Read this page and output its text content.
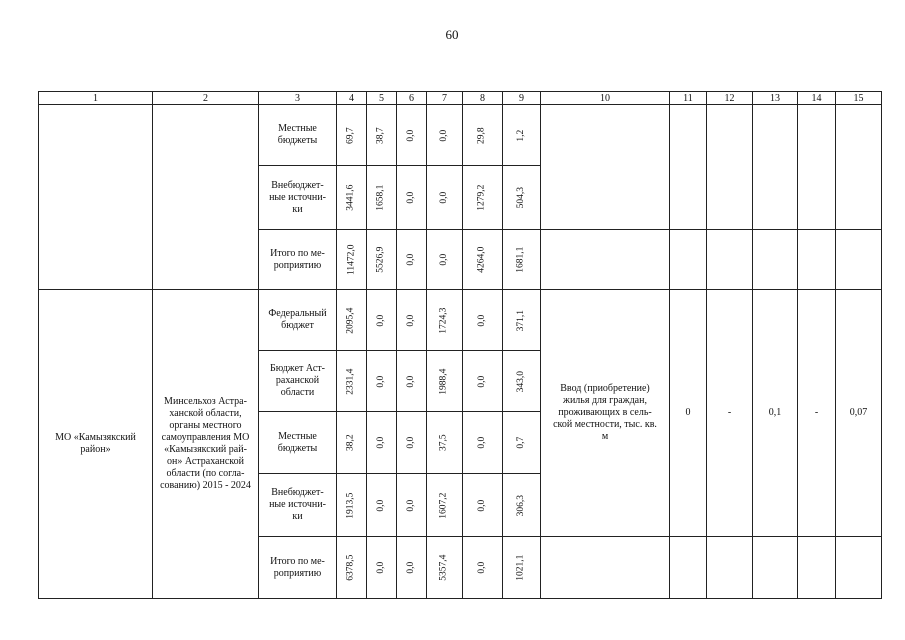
60
1	2	3	4	5	6	7	8	9	10	11	12	13	14	15
		Местные бюджеты	69,7	38,7	0,0	0,0	29,8	1,2						
		Внебюджет-ные источни-ки	3441,6	1658,1	0,0	0,0	1279,2	504,3						
		Итого по ме-роприятию	11472,0	5526,9	0,0	0,0	4264,0	1681,1						
МО «Камызякский район»	Минсельхоз Астра-ханской области, органы местного самоуправления МО «Камызякский рай-он» Астраханской области (по согла-сованию) 2015 - 2024	Федеральный бюджет	2095,4	0,0	0,0	1724,3	0,0	371,1	Ввод (приобретение) жилья для граждан, проживающих в сель-ской местности, тыс. кв. м	0	-	0,1	-	0,07
		Бюджет Аст-раханской области	2331,4	0,0	0,0	1988,4	0,0	343,0						
		Местные бюджеты	38,2	0,0	0,0	37,5	0,0	0,7						
		Внебюджет-ные источни-ки	1913,5	0,0	0,0	1607,2	0,0	306,3						
		Итого по ме-роприятию	6378,5	0,0	0,0	5357,4	0,0	1021,1						
